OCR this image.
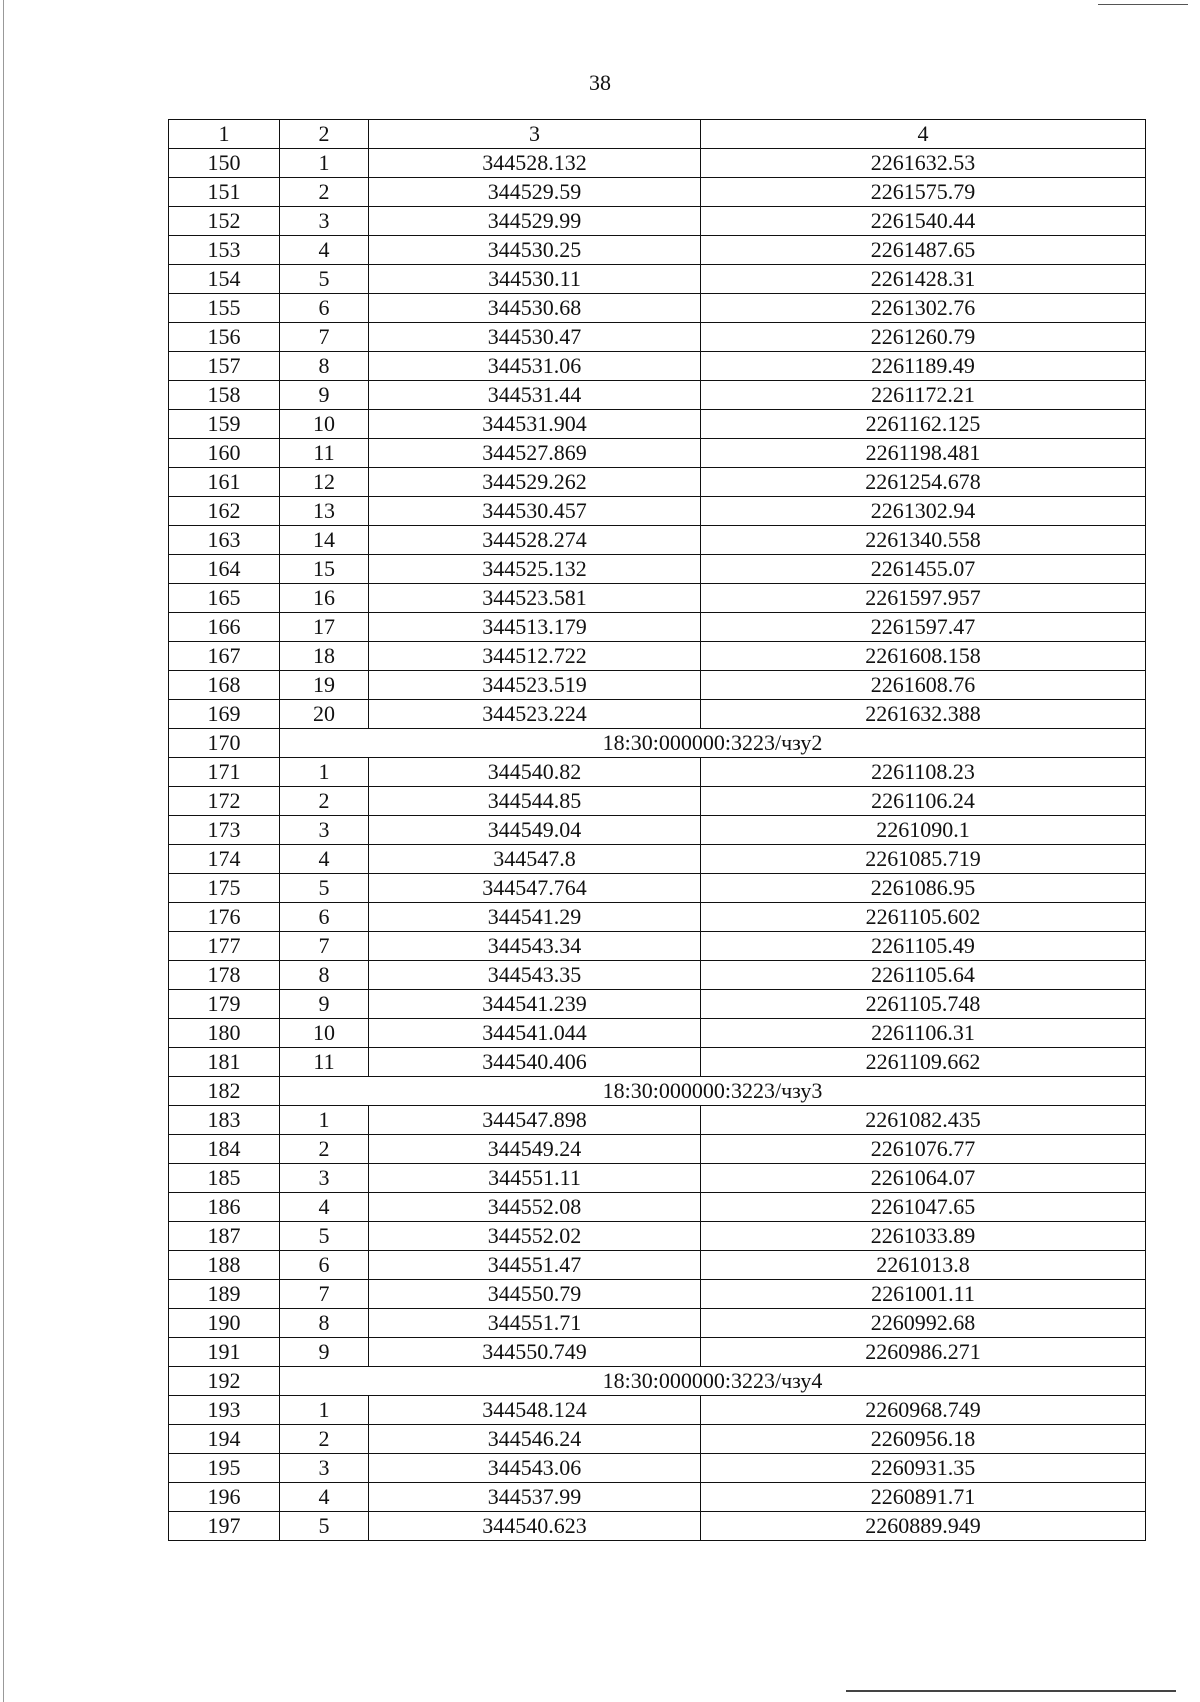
38
1	2	3	4
150	1	344528.132	2261632.53
151	2	344529.59	2261575.79
152	3	344529.99	2261540.44
153	4	344530.25	2261487.65
154	5	344530.11	2261428.31
155	6	344530.68	2261302.76
156	7	344530.47	2261260.79
157	8	344531.06	2261189.49
158	9	344531.44	2261172.21
159	10	344531.904	2261162.125
160	11	344527.869	2261198.481
161	12	344529.262	2261254.678
162	13	344530.457	2261302.94
163	14	344528.274	2261340.558
164	15	344525.132	2261455.07
165	16	344523.581	2261597.957
166	17	344513.179	2261597.47
167	18	344512.722	2261608.158
168	19	344523.519	2261608.76
169	20	344523.224	2261632.388
170	18:30:000000:3223/чзу2		
171	1	344540.82	2261108.23
172	2	344544.85	2261106.24
173	3	344549.04	2261090.1
174	4	344547.8	2261085.719
175	5	344547.764	2261086.95
176	6	344541.29	2261105.602
177	7	344543.34	2261105.49
178	8	344543.35	2261105.64
179	9	344541.239	2261105.748
180	10	344541.044	2261106.31
181	11	344540.406	2261109.662
182	18:30:000000:3223/чзу3		
183	1	344547.898	2261082.435
184	2	344549.24	2261076.77
185	3	344551.11	2261064.07
186	4	344552.08	2261047.65
187	5	344552.02	2261033.89
188	6	344551.47	2261013.8
189	7	344550.79	2261001.11
190	8	344551.71	2260992.68
191	9	344550.749	2260986.271
192	18:30:000000:3223/чзу4		
193	1	344548.124	2260968.749
194	2	344546.24	2260956.18
195	3	344543.06	2260931.35
196	4	344537.99	2260891.71
197	5	344540.623	2260889.949
